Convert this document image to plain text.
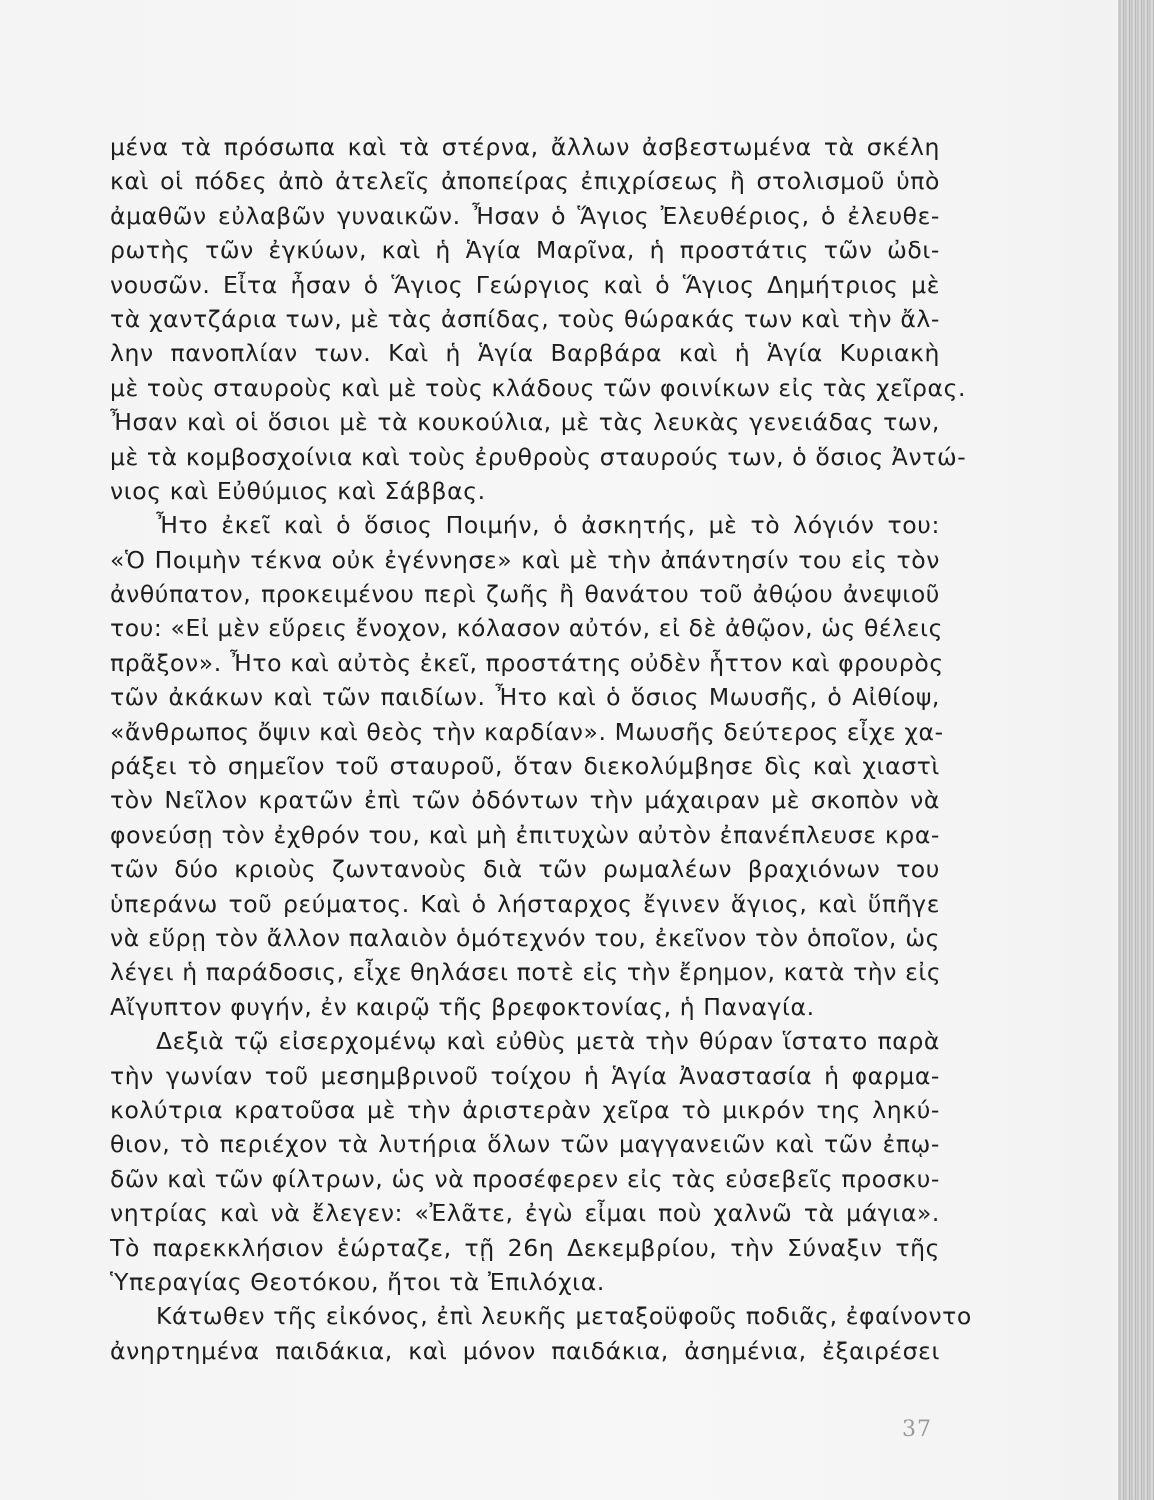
μένα τὰ πρόσωπα καὶ τὰ στέρνα, ἄλλων ἀσβεστωμένα τὰ σκέλη
καὶ οἱ πόδες ἀπὸ ἀτελεῖς ἀποπείρας ἐπιχρίσεως ἢ στολισμοῦ ὑπὸ
ἀμαθῶν εὐλαβῶν γυναικῶν. Ἦσαν ὁ Ἅγιος Ἐλευθέριος, ὁ ἐλευθε-
ρωτὴς τῶν ἐγκύων, καὶ ἡ Ἁγία Μαρῖνα, ἡ προστάτις τῶν ὠδι-
νουσῶν. Εἶτα ἦσαν ὁ Ἅγιος Γεώργιος καὶ ὁ Ἅγιος Δημήτριος μὲ
τὰ χαντζάρια των, μὲ τὰς ἀσπίδας, τοὺς θώρακάς των καὶ τὴν ἄλ-
λην πανοπλίαν των. Καὶ ἡ Ἁγία Βαρβάρα καὶ ἡ Ἁγία Κυριακὴ
μὲ τοὺς σταυροὺς καὶ μὲ τοὺς κλάδους τῶν φοινίκων εἰς τὰς χεῖρας.
Ἦσαν καὶ οἱ ὅσιοι μὲ τὰ κουκούλια, μὲ τὰς λευκὰς γενειάδας των,
μὲ τὰ κομβοσχοίνια καὶ τοὺς ἐρυθροὺς σταυρούς των, ὁ ὅσιος Ἀντώ-
νιος καὶ Εὐθύμιος καὶ Σάββας.
Ἦτο ἐκεῖ καὶ ὁ ὅσιος Ποιμήν, ὁ ἀσκητής, μὲ τὸ λόγιόν του:
«Ὁ Ποιμὴν τέκνα οὐκ ἐγέννησε» καὶ μὲ τὴν ἀπάντησίν του εἰς τὸν
ἀνθύπατον, προκειμένου περὶ ζωῆς ἢ θανάτου τοῦ ἀθῴου ἀνεψιοῦ
του: «Εἰ μὲν εὕρεις ἔνοχον, κόλασον αὐτόν, εἰ δὲ ἀθῷον, ὡς θέλεις
πρᾶξον». Ἦτο καὶ αὐτὸς ἐκεῖ, προστάτης οὐδὲν ἧττον καὶ φρουρὸς
τῶν ἀκάκων καὶ τῶν παιδίων. Ἦτο καὶ ὁ ὅσιος Μωυσῆς, ὁ Αἰθίοψ,
«ἄνθρωπος ὄψιν καὶ θεὸς τὴν καρδίαν». Μωυσῆς δεύτερος εἶχε χα-
ράξει τὸ σημεῖον τοῦ σταυροῦ, ὅταν διεκολύμβησε δὶς καὶ χιαστὶ
τὸν Νεῖλον κρατῶν ἐπὶ τῶν ὀδόντων τὴν μάχαιραν μὲ σκοπὸν νὰ
φονεύσῃ τὸν ἐχθρόν του, καὶ μὴ ἐπιτυχὼν αὐτὸν ἐπανέπλευσε κρα-
τῶν δύο κριοὺς ζωντανοὺς διὰ τῶν ρωμαλέων βραχιόνων του
ὑπεράνω τοῦ ρεύματος. Καὶ ὁ λήσταρχος ἔγινεν ἅγιος, καὶ ὕπῆγε
νὰ εὕρῃ τὸν ἄλλον παλαιὸν ὁμότεχνόν του, ἐκεῖνον τὸν ὁποῖον, ὡς
λέγει ἡ παράδοσις, εἶχε θηλάσει ποτὲ εἰς τὴν ἔρημον, κατὰ τὴν εἰς
Αἴγυπτον φυγήν, ἐν καιρῷ τῆς βρεφοκτονίας, ἡ Παναγία.
Δεξιὰ τῷ εἰσερχομένῳ καὶ εὐθὺς μετὰ τὴν θύραν ἵστατο παρὰ
τὴν γωνίαν τοῦ μεσημβρινοῦ τοίχου ἡ Ἁγία Ἀναστασία ἡ φαρμα-
κολύτρια κρατοῦσα μὲ τὴν ἀριστερὰν χεῖρα τὸ μικρόν της ληκύ-
θιον, τὸ περιέχον τὰ λυτήρια ὅλων τῶν μαγγανειῶν καὶ τῶν ἐπῳ-
δῶν καὶ τῶν φίλτρων, ὡς νὰ προσέφερεν εἰς τὰς εὐσεβεῖς προσκυ-
νητρίας καὶ νὰ ἔλεγεν: «Ἐλᾶτε, ἐγὼ εἶμαι ποὺ χαλνῶ τὰ μάγια».
Τὸ παρεκκλήσιον ἑώρταζε, τῇ 26η Δεκεμβρίου, τὴν Σύναξιν τῆς
Ὑπεραγίας Θεοτόκου, ἤτοι τὰ Ἐπιλόχια.
Κάτωθεν τῆς εἰκόνος, ἐπὶ λευκῆς μεταξοϋφοῦς ποδιᾶς, ἐφαίνοντο
ἀνηρτημένα παιδάκια, καὶ μόνον παιδάκια, ἀσημένια, ἐξαιρέσει
37
